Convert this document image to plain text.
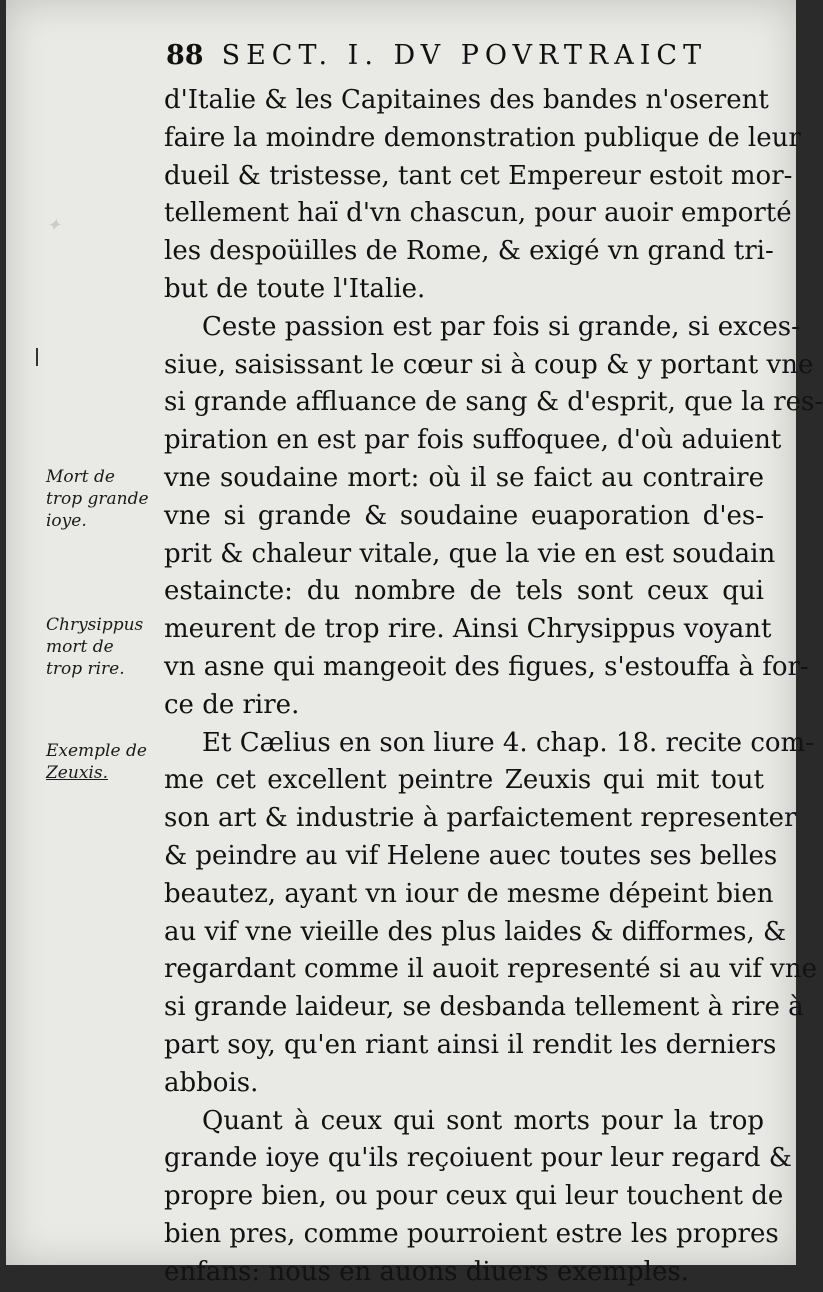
✦
88 SECT. I. DV POVRTRAICT
Mort de
trop grande
ioye.
Chrysippus
mort de
trop rire.
Exemple de
Zeuxis.
d'Italie & les Capitaines des bandes n'oserent
faire la moindre demonstration publique de leur
dueil & tristesse, tant cet Empereur estoit mor-
tellement haï d'vn chascun, pour auoir emporté
les despoüilles de Rome, & exigé vn grand tri-
but de toute l'Italie.
Ceste passion est par fois si grande, si exces-
siue, saisissant le cœur si à coup & y portant vne
si grande affluance de sang & d'esprit, que la res-
piration en est par fois suffoquee, d'où aduient
vne soudaine mort: où il se faict au contraire
vne si grande & soudaine euaporation d'es-
prit & chaleur vitale, que la vie en est soudain
estaincte: du nombre de tels sont ceux qui
meurent de trop rire. Ainsi Chrysippus voyant
vn asne qui mangeoit des figues, s'estouffa à for-
ce de rire.
Et Cælius en son liure 4. chap. 18. recite com-
me cet excellent peintre Zeuxis qui mit tout
son art & industrie à parfaictement representer
& peindre au vif Helene auec toutes ses belles
beautez, ayant vn iour de mesme dépeint bien
au vif vne vieille des plus laides & difformes, &
regardant comme il auoit representé si au vif vne
si grande laideur, se desbanda tellement à rire à
part soy, qu'en riant ainsi il rendit les derniers
abbois.
Quant à ceux qui sont morts pour la trop
grande ioye qu'ils reçoiuent pour leur regard &
propre bien, ou pour ceux qui leur touchent de
bien pres, comme pourroient estre les propres
enfans: nous en auons diuers exemples.
